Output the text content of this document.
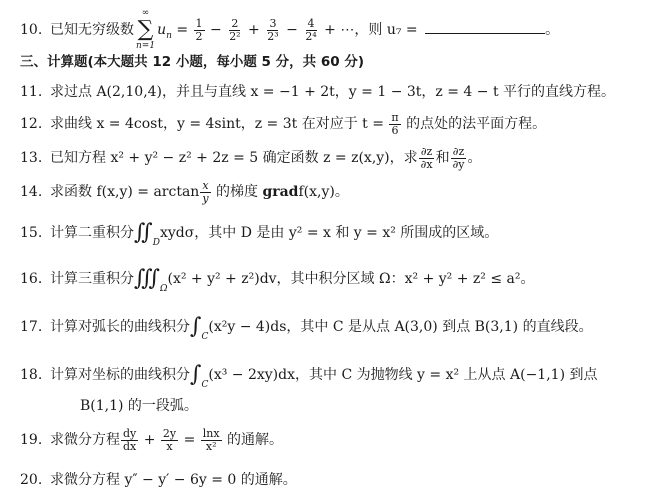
10. 已知无穷级数
∞
∑
n=1
$u_n = \frac{1}{2} - \frac{2}{\text{2²}} + \frac{3}{\text{2³}} - \frac{4}{\text{2⁴}}$ + ⋯，则 u₇ =	。
三、计算题(本大题共 12 小题，每小题 5 分，共 60 分)
11. 求过点 A(2,10,4)，并且与直线 x = −1 + 2t，y = 1 − 3t，z = 4 − t 平行的直线方程。
12. 求曲线 x = 4cost，y = 4sint，z = 3t 在对应于 $t = \frac{\pi}{6}$ 的点处的法平面方程。
13. 已知方程 x² + y² − z² + 2z = 5 确定函数 z = z(x,y)，求 $\frac{\partial z}{\partial x}$ 和 $\frac{\partial z}{\partial y}$ 。
14. 求函数 $f(x,y) = \arctan \frac{x}{y}$ 的梯度 gradf(x,y)。
15. 计算二重积分$∬_Dxyd\sigma$，其中 D 是由 y² = x 和 y = x² 所围成的区域。
16. 计算三重积分$∭_\Omega(x^2 + y^2 + z^2)dv$，其中积分区域 Ω：x² + y² + z² ≤ a²。
17. 计算对弧长的曲线积分$\int_C(x^2y - 4)ds$，其中 C 是从点 A(3,0) 到点 B(3,1) 的直线段。
18. 计算对坐标的曲线积分$\int_C(x^3 - 2xy)dx$，其中 C 为抛物线 y = x² 上从点 A(−1,1) 到点
B(1,1) 的一段弧。
19. 求微分方程 $\frac{dy}{dx} + \frac{2y}{x} = \frac{\ln x}{\text{x²}}$ 的通解。
20. 求微分方程 y″ − y′ − 6y = 0 的通解。
